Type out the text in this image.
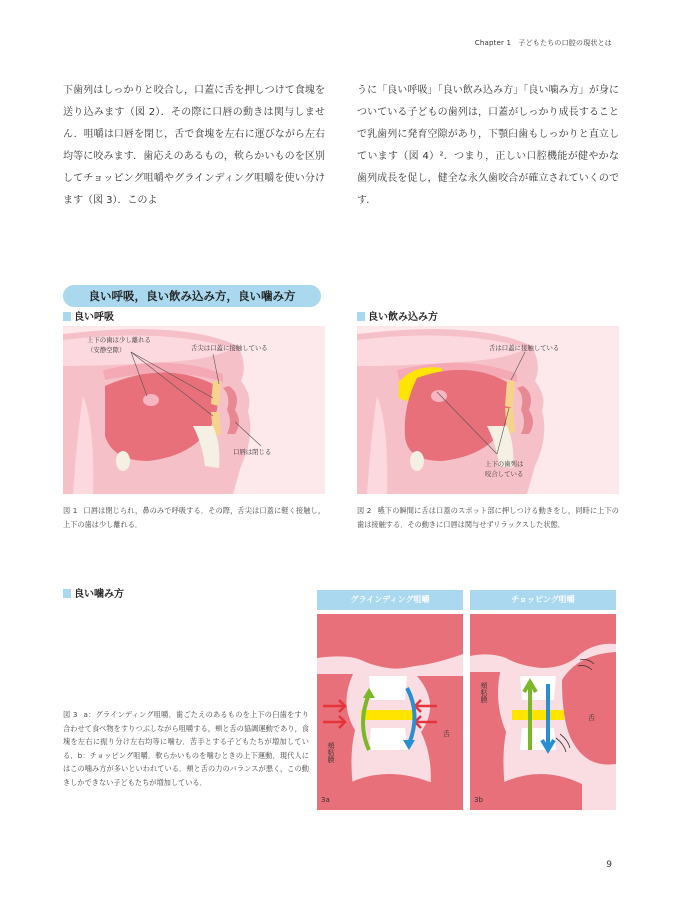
Chapter 1　子どもたちの口腔の現状とは
下歯列はしっかりと咬合し，口蓋に舌を押しつけて食塊を送り込みます（図 2）．その際に口唇の動きは関与しません．咀嚼は口唇を閉じ，舌で食塊を左右に運びながら左右均等に咬みます．歯応えのあるもの，軟らかいものを区別してチョッピング咀嚼やグラインディング咀嚼を使い分けます（図 3）．このよ
うに「良い呼吸」「良い飲み込み方」「良い噛み方」が身についている子どもの歯列は，口蓋がしっかり成長することで乳歯列に発育空隙があり，下顎臼歯もしっかりと直立しています（図 4）²．つまり，正しい口腔機能が健やかな歯列成長を促し，健全な永久歯咬合が確立されていくのです．
良い呼吸，良い飲み込み方，良い噛み方
良い呼吸
上下の歯は少し離れる
（安静空隙）	舌尖は口蓋に接触している
口唇は閉じる
図 1 口唇は閉じられ，鼻のみで呼吸する．その際，舌尖は口蓋に軽く接触し，上下の歯は少し離れる．
良い飲み込み方
舌は口蓋に接触している
上下の歯列は
咬合している
図 2 嚥下の瞬間に舌は口蓋のスポット部に押しつける動きをし，同時に上下の歯は接触する．その動きに口唇は関与せずリラックスした状態．
良い噛み方
図 3 a：グラインディング咀嚼．歯ごたえのあるものを上下の臼歯をすり合わせて食べ物をすりつぶしながら咀嚼する，頬と舌の協調運動であり，食塊を左右に振り分け左右均等に噛む．苦手とする子どもたちが増加している．b：チョッピング咀嚼．軟らかいものを噛むときの上下運動．現代人にはこの噛み方が多いといわれている．頬と舌の力のバランスが悪く，この動きしかできない子どもたちが増加している．
グラインディング咀嚼
舌
頬粘膜
3a
チョッピング咀嚼
頬粘膜
舌
3b
9
